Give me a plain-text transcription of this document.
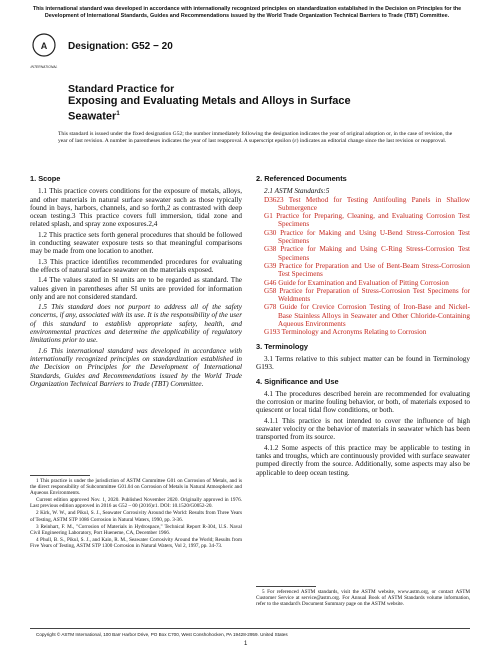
This international standard was developed in accordance with internationally recognized principles on standardization established in the Decision on Principles for the Development of International Standards, Guides and Recommendations issued by the World Trade Organization Technical Barriers to Trade (TBT) Committee.
A
INTERNATIONAL
Designation: G52 − 20
Standard Practice for
Exposing and Evaluating Metals and Alloys in Surface
Seawater$^1$
This standard is issued under the fixed designation G52; the number immediately following the designation indicates the year of original adoption or, in the case of revision, the year of last revision. A number in parentheses indicates the year of last reapproval. A superscript epsilon (ε) indicates an editorial change since the last revision or reapproval.
1. Scope

1.1 This practice covers conditions for the exposure of metals, alloys, and other materials in natural surface seawater such as those typically found in bays, harbors, channels, and so forth,2 as contrasted with deep ocean testing.3 This practice covers full immersion, tidal zone and related splash, and spray zone exposures.2,4

1.2 This practice sets forth general procedures that should be followed in conducting seawater exposure tests so that meaningful comparisons may be made from one location to another.

1.3 This practice identifies recommended procedures for evaluating the effects of natural surface seawater on the materials exposed.

1.4 The values stated in SI units are to be regarded as standard. The values given in parentheses after SI units are provided for information only and are not considered standard.

1.5 This standard does not purport to address all of the safety concerns, if any, associated with its use. It is the responsibility of the user of this standard to establish appropriate safety, health, and environmental practices and determine the applicability of regulatory limitations prior to use.

1.6 This international standard was developed in accordance with internationally recognized principles on standardization established in the Decision on Principles for the Development of International Standards, Guides and Recommendations issued by the World Trade Organization Technical Barriers to Trade (TBT) Committee.

1 This practice is under the jurisdiction of ASTM Committee G01 on Corrosion of Metals, and is the direct responsibility of Subcommittee G01.04 on Corrosion of Metals in Natural Atmospheric and Aqueous Environments.

Current edition approved Nov. 1, 2020. Published November 2020. Originally approved in 1976. Last previous edition approved in 2016 as G52 – 00 (2016)ε1. DOI: 10.1520/G0052-20.

2 Kirk, W. W., and Pikul, S. J., Seawater Corrosivity Around the World: Results from Three Years of Testing, ASTM STP 1086 Corrosion in Natural Waters, 1990, pp. 3-36.

3 Reinhart, F. M., "Corrosion of Materials in Hydrospace," Technical Report R-304, U.S. Naval Civil Engineering Laboratory, Port Hueneme, CA, December 1966.

4 Phull, B. S., Pikul, S. J., and Kain, R. M., Seawater Corrosivity Around the World; Results from Five Years of Testing, ASTM STP 1300 Corrosion in Natural Waters, Vol 2, 1997, pp. 34-73.

2. Referenced Documents

2.1 ASTM Standards:5

D3623 Test Method for Testing Antifouling Panels in Shallow Submergence

G1 Practice for Preparing, Cleaning, and Evaluating Corrosion Test Specimens

G30 Practice for Making and Using U-Bend Stress-Corrosion Test Specimens

G38 Practice for Making and Using C-Ring Stress-Corrosion Test Specimens

G39 Practice for Preparation and Use of Bent-Beam Stress-Corrosion Test Specimens

G46 Guide for Examination and Evaluation of Pitting Corrosion

G58 Practice for Preparation of Stress-Corrosion Test Specimens for Weldments

G78 Guide for Crevice Corrosion Testing of Iron-Base and Nickel-Base Stainless Alloys in Seawater and Other Chloride-Containing Aqueous Environments

G193 Terminology and Acronyms Relating to Corrosion

3. Terminology

3.1 Terms relative to this subject matter can be found in Terminology G193.

4. Significance and Use

4.1 The procedures described herein are recommended for evaluating the corrosion or marine fouling behavior, or both, of materials exposed to quiescent or local tidal flow conditions, or both.

4.1.1 This practice is not intended to cover the influence of high seawater velocity or the behavior of materials in seawater which has been transported from its source.

4.1.2 Some aspects of this practice may be applicable to testing in tanks and troughs, which are continuously provided with surface seawater pumped directly from the source. Additionally, some aspects may also be applicable to deep ocean testing.

5 For referenced ASTM standards, visit the ASTM website, www.astm.org, or contact ASTM Customer Service at service@astm.org. For Annual Book of ASTM Standards volume information, refer to the standard's Document Summary page on the ASTM website.

Copyright © ASTM International, 100 Barr Harbor Drive, PO Box C700, West Conshohocken, PA 19428-2959. United States
1
